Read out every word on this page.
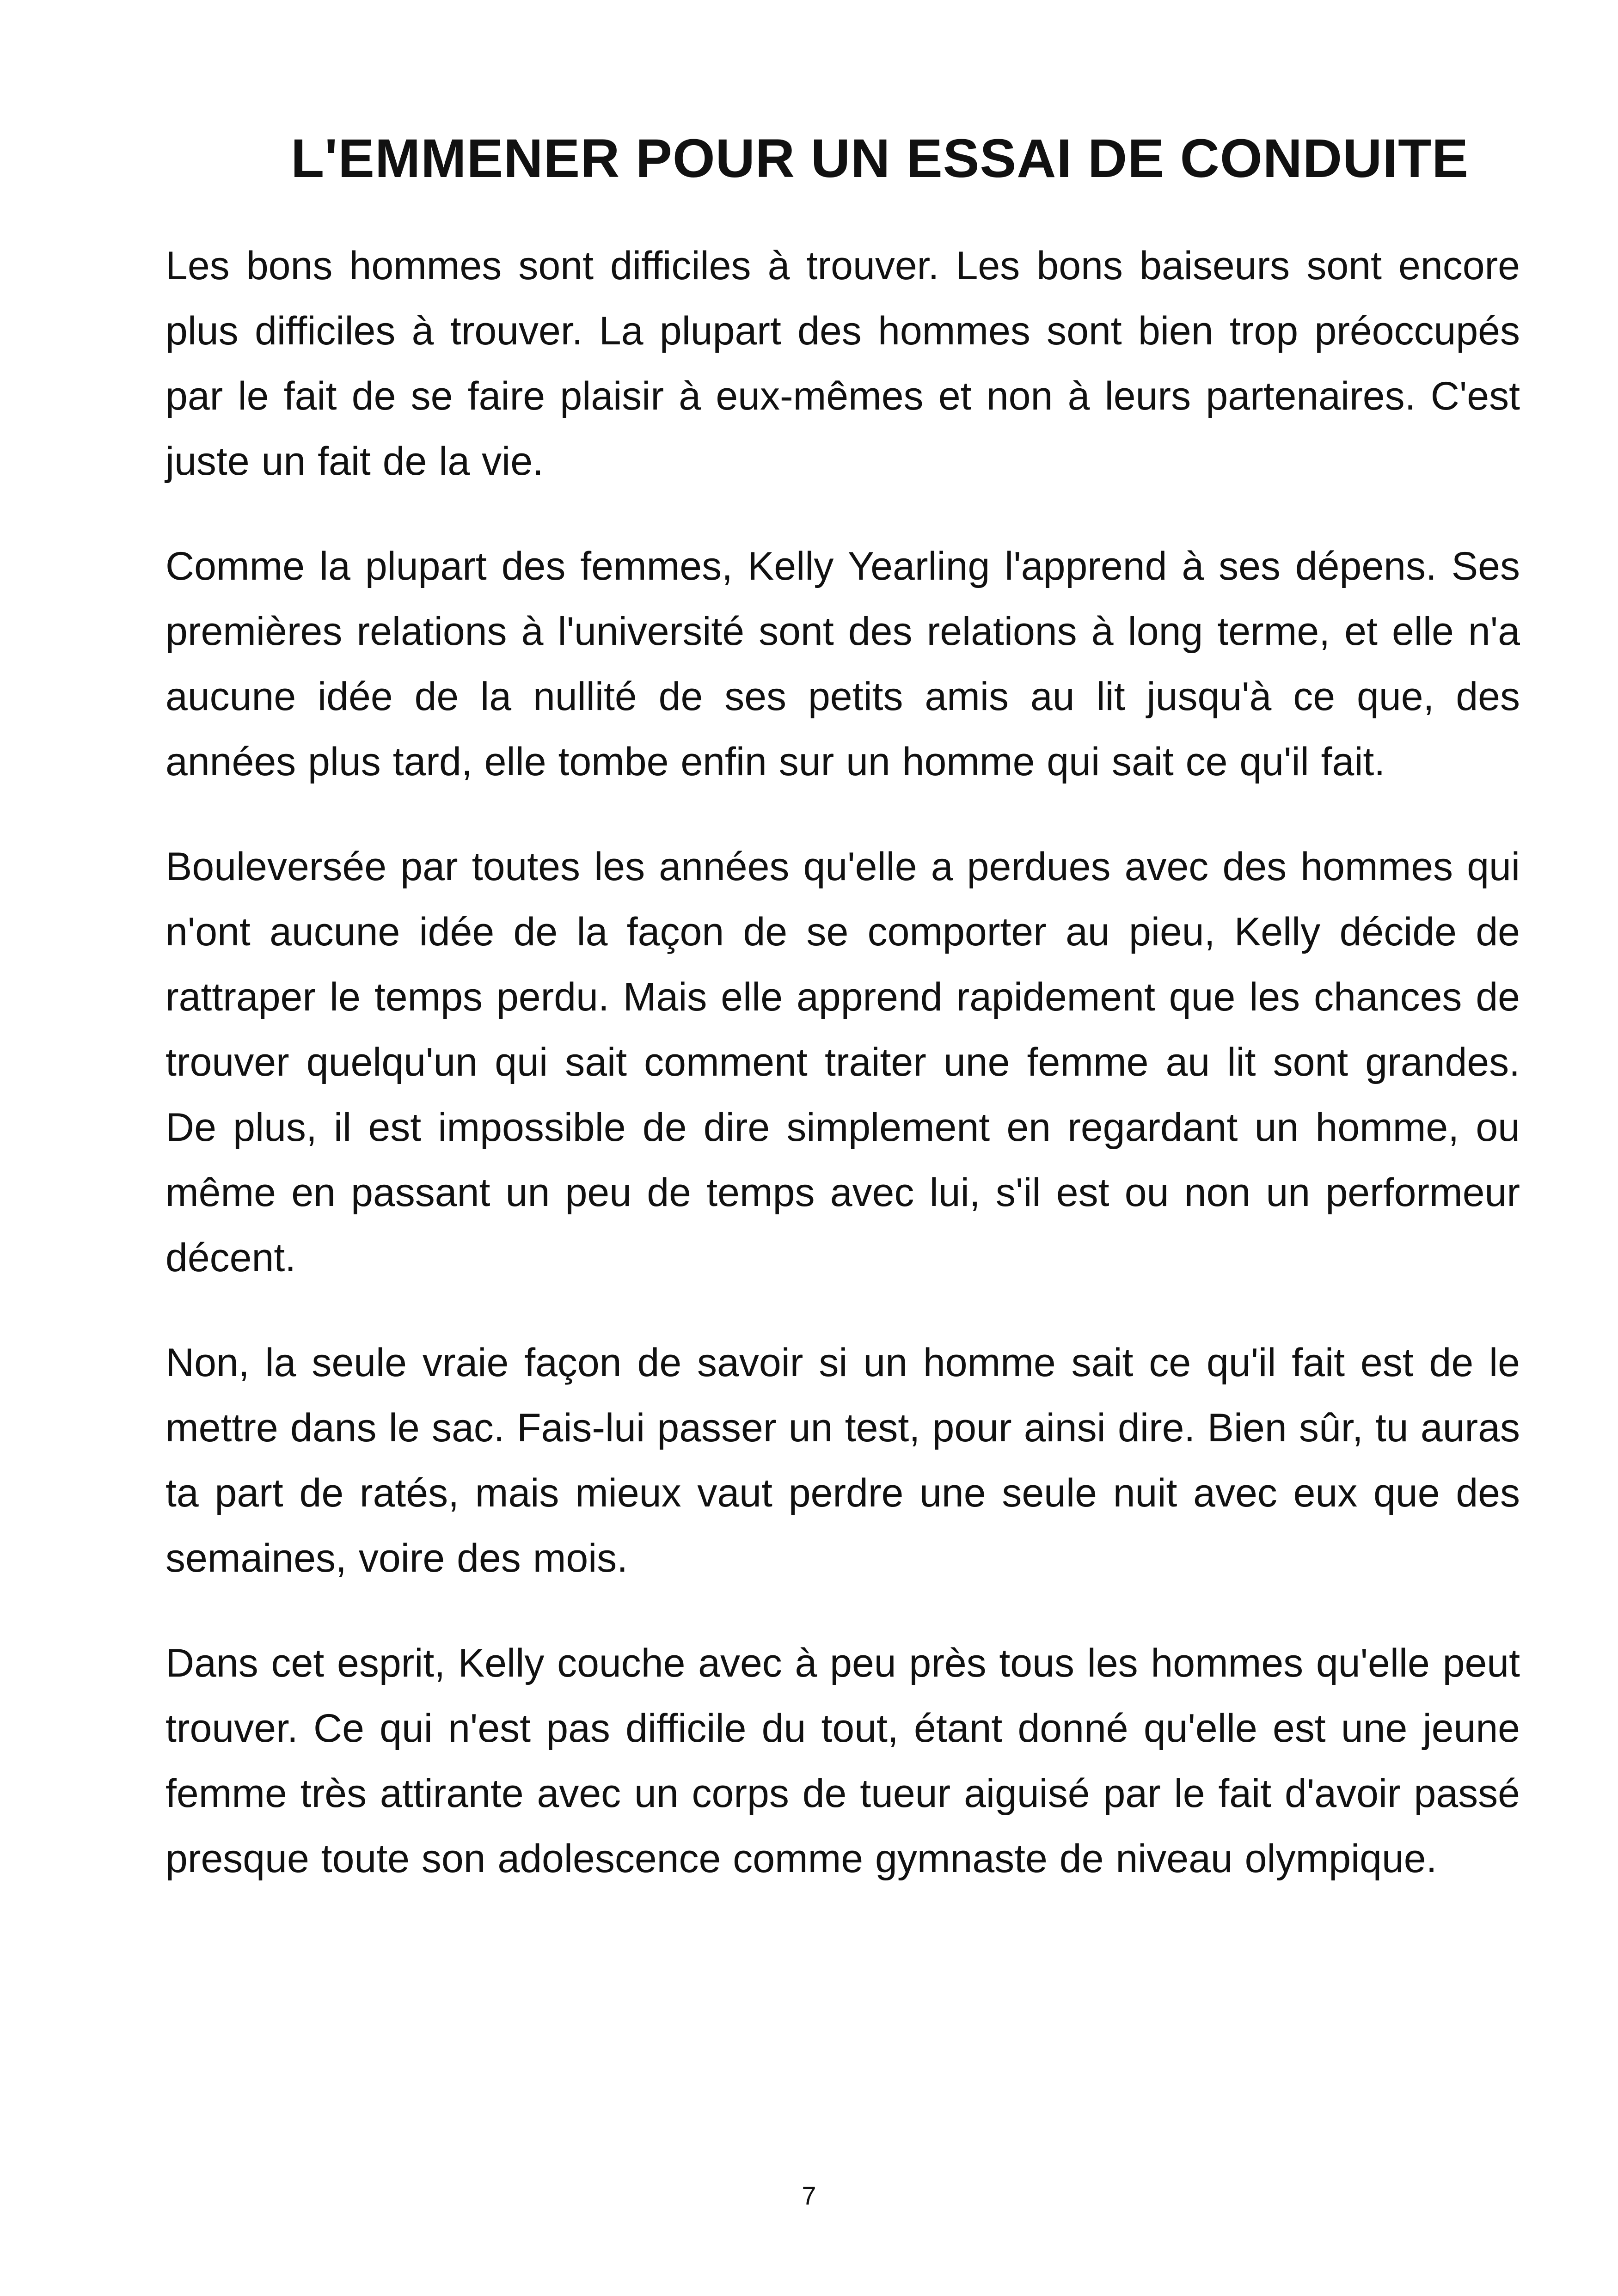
L'EMMENER POUR UN ESSAI DE CONDUITE

Les bons hommes sont difficiles à trouver. Les bons baiseurs sont encore plus difficiles à trouver. La plupart des hommes sont bien trop préoccupés par le fait de se faire plaisir à eux-mêmes et non à leurs partenaires. C'est juste un fait de la vie.

Comme la plupart des femmes, Kelly Yearling l'apprend à ses dépens. Ses premières relations à l'université sont des relations à long terme, et elle n'a aucune idée de la nullité de ses petits amis au lit jusqu'à ce que, des années plus tard, elle tombe enfin sur un homme qui sait ce qu'il fait.

Bouleversée par toutes les années qu'elle a perdues avec des hommes qui n'ont aucune idée de la façon de se comporter au pieu, Kelly décide de rattraper le temps perdu. Mais elle apprend rapidement que les chances de trouver quelqu'un qui sait comment traiter une femme au lit sont grandes. De plus, il est impossible de dire simplement en regardant un homme, ou même en passant un peu de temps avec lui, s'il est ou non un performeur décent.

Non, la seule vraie façon de savoir si un homme sait ce qu'il fait est de le mettre dans le sac. Fais-lui passer un test, pour ainsi dire. Bien sûr, tu auras ta part de ratés, mais mieux vaut perdre une seule nuit avec eux que des semaines, voire des mois.

Dans cet esprit, Kelly couche avec à peu près tous les hommes qu'elle peut trouver. Ce qui n'est pas difficile du tout, étant donné qu'elle est une jeune femme très attirante avec un corps de tueur aiguisé par le fait d'avoir passé presque toute son adolescence comme gymnaste de niveau olympique.

7
